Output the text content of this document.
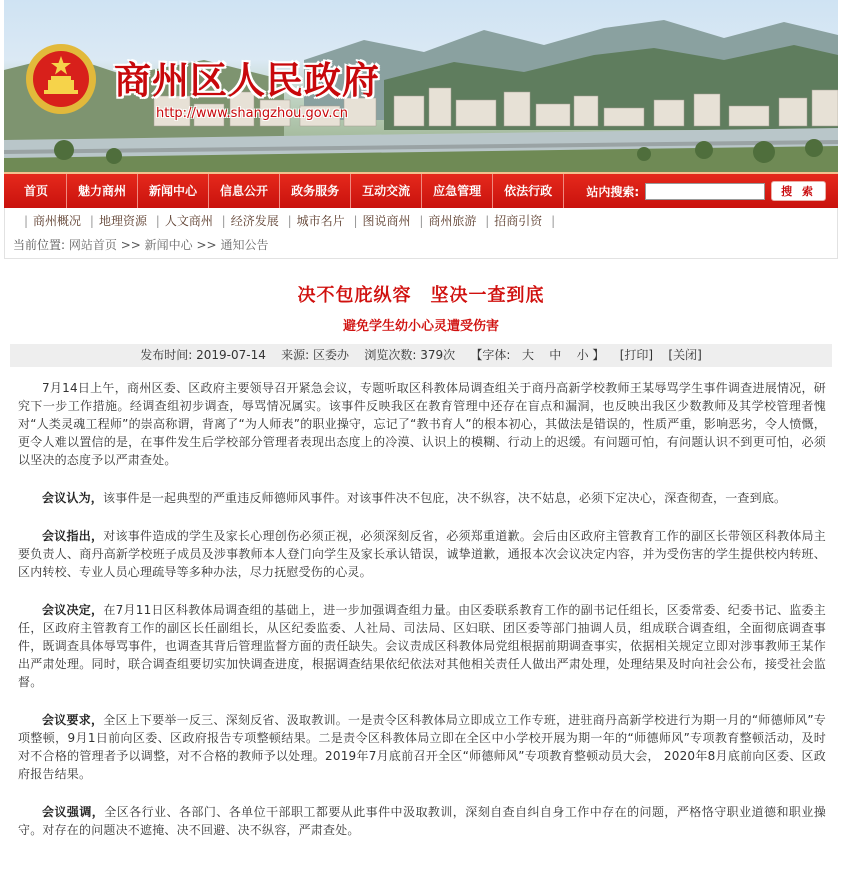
商州区人民政府
http://www.shangzhou.gov.cn
首页	魅力商州	新闻中心	信息公开	政务服务	互动交流	应急管理	依法行政	站内搜索:	搜 索
| 商州概况 | 地理资源 | 人文商州 | 经济发展 | 城市名片 | 图说商州 | 商州旅游 | 招商引资 |
当前位置: 网站首页 >> 新闻中心 >> 通知公告
决不包庇纵容　坚决一查到底
避免学生幼小心灵遭受伤害
发布时间: 2019-07-14 来源: 区委办 浏览次数: 379次 【字体: 大 中 小 】 [打印] [关闭]

7月14日上午，商州区委、区政府主要领导召开紧急会议，专题听取区科教体局调查组关于商丹高新学校教师王某辱骂学生事件调查进展情况，研究下一步工作措施。经调查组初步调查，辱骂情况属实。该事件反映我区在教育管理中还存在盲点和漏洞，也反映出我区少数教师及其学校管理者愧对“人类灵魂工程师”的崇高称谓，背离了“为人师表”的职业操守，忘记了“教书育人”的根本初心，其做法是错误的，性质严重，影响恶劣，令人愤慨，更令人难以置信的是，在事件发生后学校部分管理者表现出态度上的冷漠、认识上的模糊、行动上的迟缓。有问题可怕，有问题认识不到更可怕，必须以坚决的态度予以严肃查处。

会议认为，该事件是一起典型的严重违反师德师风事件。对该事件决不包庇，决不纵容，决不姑息，必须下定决心，深查彻查，一查到底。

会议指出，对该事件造成的学生及家长心理创伤必须正视，必须深刻反省，必须郑重道歉。会后由区政府主管教育工作的副区长带领区科教体局主要负责人、商丹高新学校班子成员及涉事教师本人登门向学生及家长承认错误，诚挚道歉，通报本次会议决定内容，并为受伤害的学生提供校内转班、区内转校、专业人员心理疏导等多种办法，尽力抚慰受伤的心灵。

会议决定，在7月11日区科教体局调查组的基础上，进一步加强调查组力量。由区委联系教育工作的副书记任组长，区委常委、纪委书记、监委主任，区政府主管教育工作的副区长任副组长，从区纪委监委、人社局、司法局、区妇联、团区委等部门抽调人员，组成联合调查组，全面彻底调查事件，既调查具体辱骂事件，也调查其背后管理监督方面的责任缺失。会议责成区科教体局党组根据前期调查事实，依据相关规定立即对涉事教师王某作出严肃处理。同时，联合调查组要切实加快调查进度，根据调查结果依纪依法对其他相关责任人做出严肃处理，处理结果及时向社会公布，接受社会监督。

会议要求，全区上下要举一反三、深刻反省、汲取教训。一是责令区科教体局立即成立工作专班，进驻商丹高新学校进行为期一月的“师德师风”专项整顿，9月1日前向区委、区政府报告专项整顿结果。二是责令区科教体局立即在全区中小学校开展为期一年的“师德师风”专项教育整顿活动，及时对不合格的管理者予以调整，对不合格的教师予以处理。2019年7月底前召开全区“师德师风”专项教育整顿动员大会， 2020年8月底前向区委、区政府报告结果。

会议强调，全区各行业、各部门、各单位干部职工都要从此事件中汲取教训，深刻自查自纠自身工作中存在的问题，严格恪守职业道德和职业操守。对存在的问题决不遮掩、决不回避、决不纵容，严肃查处。
